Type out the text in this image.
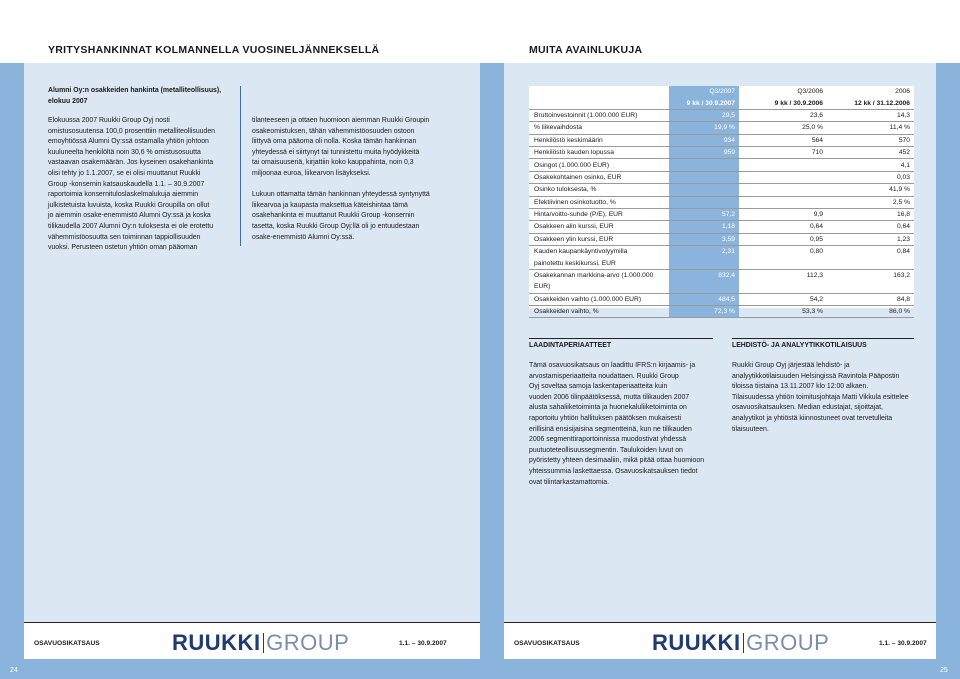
YRITYSHANKINNAT KOLMANNELLA VUOSINELJÄNNEKSELLÄ	MUITA AVAINLUKUJA
Alumni Oy:n osakkeiden hankinta (metalliteollisuus),
elokuu 2007
Elokuussa 2007 Ruukki Group Oyj nosti
omistusosuutensa 100,0 prosenttiin metalliteollisuuden
emoyhtiössä Alumni Oy:ssä ostamalla yhtiön johtoon
kuuluneelta henkilöltä noin 30,6 % omistusosuutta
vastaavan osakemäärän. Jos kyseinen osakehankinta
olisi tehty jo 1.1.2007, se ei olisi muuttanut Ruukki
Group -konsernin katsauskaudella 1.1. – 30.9.2007
raportoimia konsernituloslaskelmalukuja aiemmin
julkistetuista luvuista, koska Ruukki Groupilla on ollut
jo aiemmin osake-enemmistö Alumni Oy:ssä ja koska
tilikaudella 2007 Alumni Oy:n tuloksesta ei ole erotettu
vähemmistöosuutta sen toiminnan tappiollisuuden
vuoksi. Perusteen ostetun yhtiön oman pääoman
tilanteeseen ja ottaen huomioon aiemman Ruukki Groupin
osakeomistuksen, tähän vähemmistöosuuden ostoon
liittyvä oma pääoma oli nolla. Koska tämän hankinnan
yhteydessä ei siirtynyt tai tunnistettu muita hyödykkeitä
tai omaisuuseriä, kirjattiin koko kauppahinta, noin 0,3
miljoonaa euroa, liikearvon lisäykseksi.
Lukuun ottamatta tämän hankinnan yhteydessä syntynyttä
liikearvoa ja kaupasta maksettua käteishintaa tämä
osakehankinta ei muuttanut Ruukki Group -konsernin
tasetta, koska Ruukki Group Oyj:llä oli jo entuudestaan
osake-enemmistö Alumni Oy:ssä.
	Q3/2007	Q3/2006	2006
	9 kk / 30.9.2007	9 kk / 30.9.2006	12 kk / 31.12.2006
Bruttoinvestoinnit (1.000.000 EUR)	29,5	23,6	14,3
% liikevaihdosta	19,9 %	25,0 %	11,4 %
Henkilöstö keskimäärin	934	564	570
Henkilöstö kauden lopussa	959	710	452
Osingot (1.000.000 EUR)			4,1
Osakekohtainen osinko, EUR			0,03
Osinko tuloksesta, %			41,9 %
Efektiivinen osinkotuotto, %			2,5 %
Hinta/voitto-suhde (P/E), EUR	57,2	9,9	16,8
Osakkeen alin kurssi, EUR	1,18	0,64	0,64
Osakkeen ylin kurssi, EUR	3,59	0,95	1,23
Kauden kaupankäyntivolyymilla	2,31	0,80	0,84
painotettu keskikurssi, EUR			
Osakekannan markkina-arvo (1.000.000	832,4	112,3	163,2
EUR)			
Osakkeiden vaihto (1.000.000 EUR)	484,5	54,2	84,8
Osakkeiden vaihto, %	72,3 %	53,3 %	86,0 %
LAADINTAPERIAATTEET
Tämä osavuosikatsaus on laadittu IFRS:n kirjaamis- ja
arvostamisperiaatteita noudattaen. Ruukki Group
Oyj soveltaa samoja laskentaperiaatteita kuin
vuoden 2006 tilinpäätöksessä, mutta tilikauden 2007
alusta sahaliiketoiminta ja huonekaluliiketoiminta on
raportoitu yhtiön hallituksen päätöksen mukaisesti
erillisinä ensisijaisina segmentteinä, kun ne tilikauden
2006 segmenttiraportoinnissa muodostivat yhdessä
puutuoteteollisuussegmentin. Taulukoiden luvut on
pyöristetty yhteen desimaaliin, mikä pitää ottaa huomioon
yhteissummia laskettaessa. Osavuosikatsauksen tiedot
ovat tilintarkastamattomia.
LEHDISTÖ- JA ANALYYTIKKOTILAISUUS
Ruukki Group Oyj järjestää lehdistö- ja
analyytikkotilaisuuden Helsingissä Ravintola Pääpostin
tiloissa tiistaina 13.11.2007 klo 12:00 alkaen.
Tilaisuudessa yhtiön toimitusjohtaja Matti Vikkula esittelee
osavuosikatsauksen. Median edustajat, sijoittajat,
analyytikot ja yhtiöstä kiinnostuneet ovat tervetulleita
tilaisuuteen.
OSAVUOSIKATSAUS	RUUKKI GROUP	1.1. – 30.9.2007	OSAVUOSIKATSAUS	RUUKKI GROUP	1.1. – 30.9.2007
24	25
